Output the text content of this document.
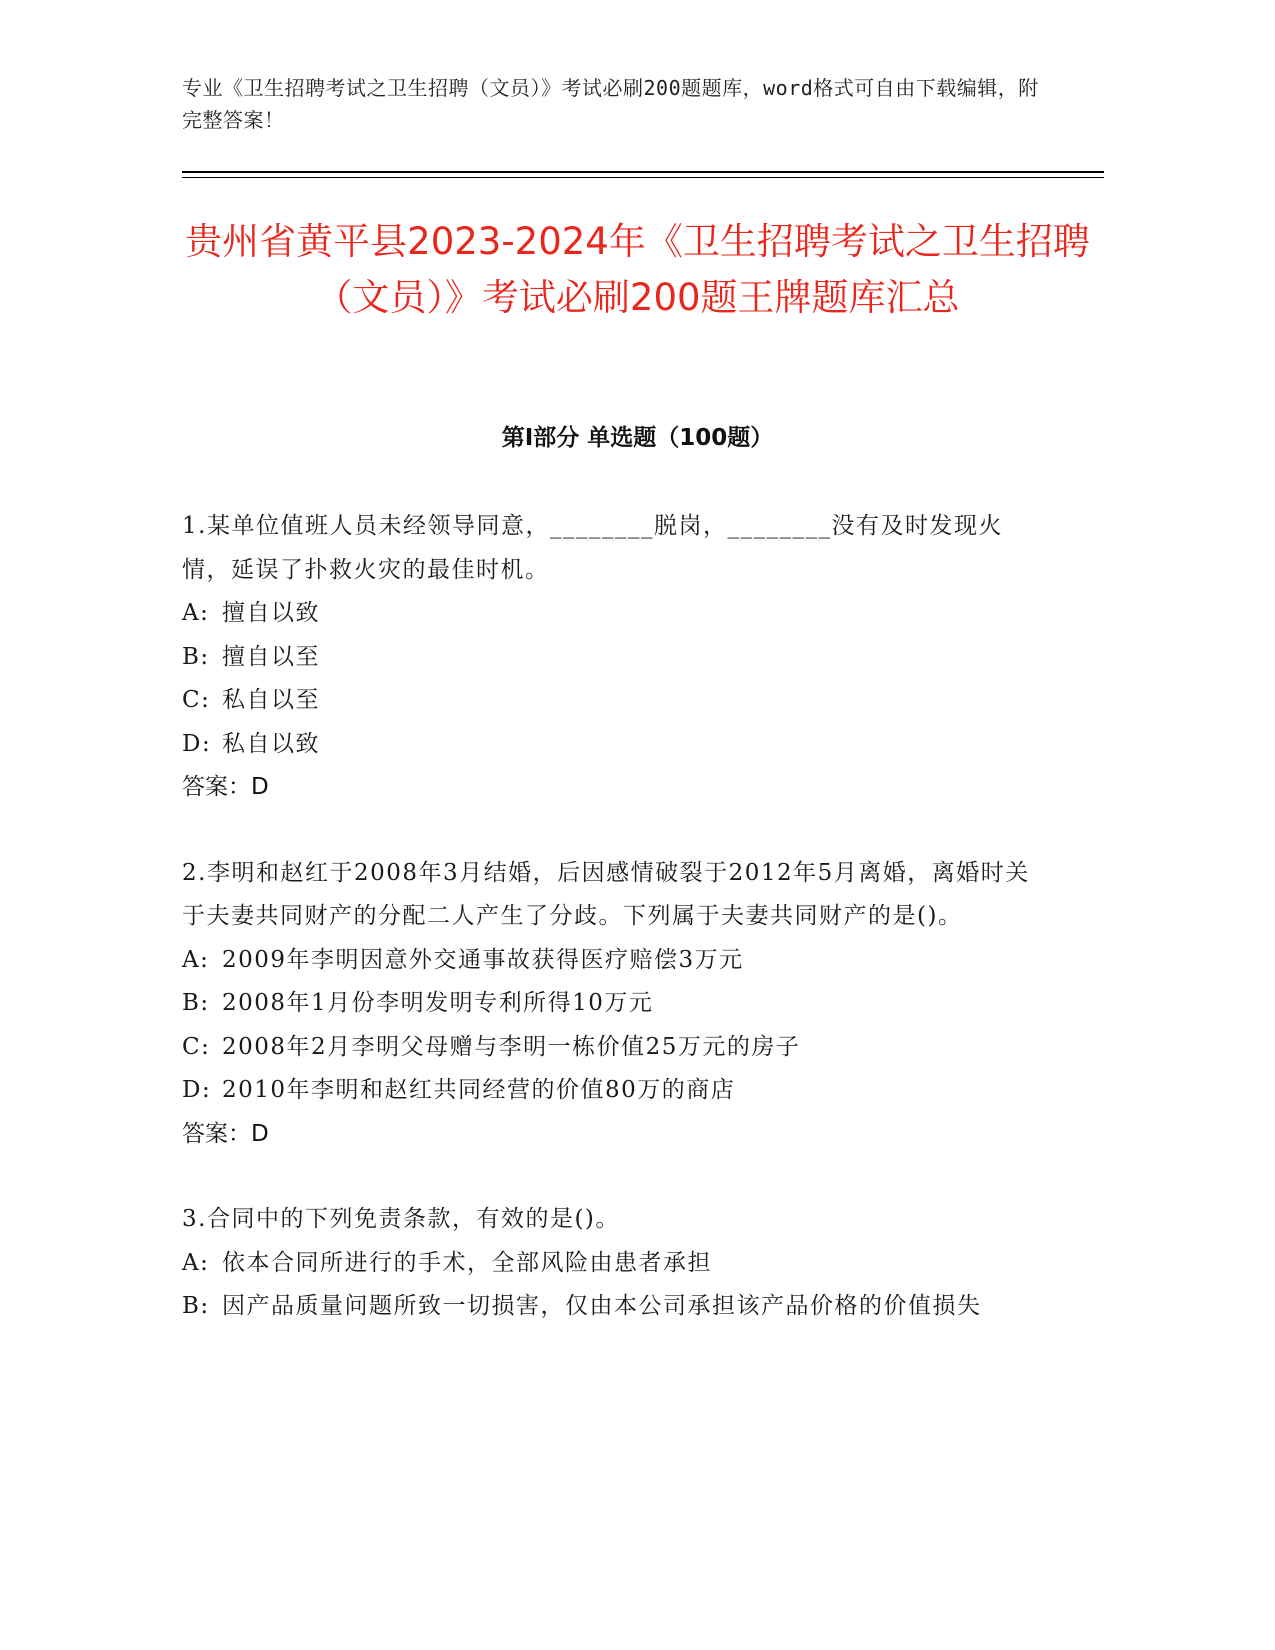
专业《卫生招聘考试之卫生招聘（文员）》考试必刷200题题库，word格式可自由下载编辑，附完整答案！
贵州省黄平县2023-2024年《卫生招聘考试之卫生招聘（文员）》考试必刷200题王牌题库汇总
第Ⅰ部分 单选题（100题）

1.某单位值班人员未经领导同意，________脱岗，________没有及时发现火情，延误了扑救火灾的最佳时机。

A: 擅自以致
B: 擅自以至
C: 私自以至
D: 私自以致

答案：D

2.李明和赵红于2008年3月结婚，后因感情破裂于2012年5月离婚，离婚时关于夫妻共同财产的分配二人产生了分歧。下列属于夫妻共同财产的是()。

A: 2009年李明因意外交通事故获得医疗赔偿3万元
B: 2008年1月份李明发明专利所得10万元
C: 2008年2月李明父母赠与李明一栋价值25万元的房子
D: 2010年李明和赵红共同经营的价值80万的商店

答案：D

3.合同中的下列免责条款，有效的是()。

A: 依本合同所进行的手术，全部风险由患者承担
B: 因产品质量问题所致一切损害，仅由本公司承担该产品价格的价值损失
